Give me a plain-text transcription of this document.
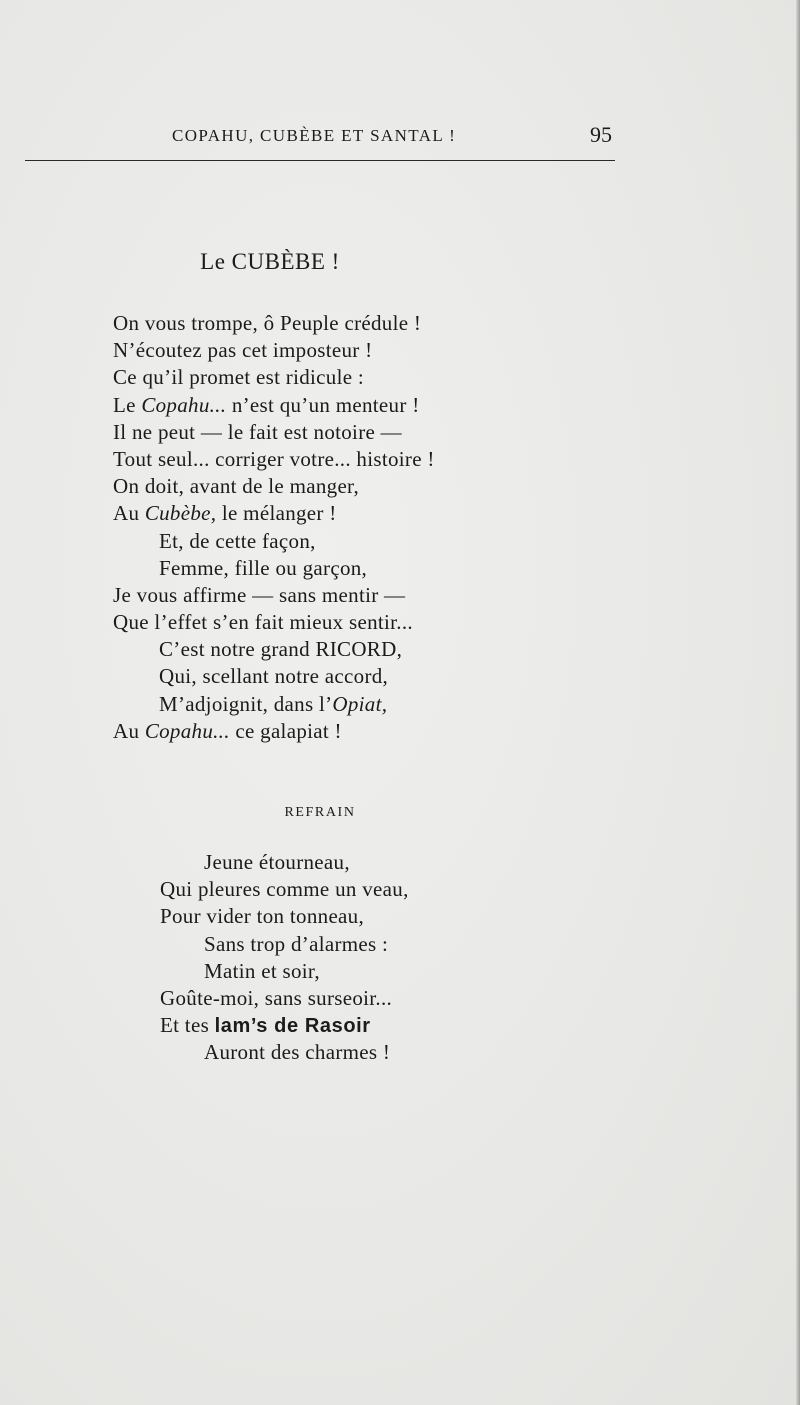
COPAHU, CUBÈBE ET SANTAL !	95
Le CUBÈBE !
On vous trompe, ô Peuple crédule !
N’écoutez pas cet imposteur !
Ce qu’il promet est ridicule :
Le Copahu... n’est qu’un menteur !
Il ne peut — le fait est notoire —
Tout seul... corriger votre... histoire !
On doit, avant de le manger,
Au Cubèbe, le mélanger !
Et, de cette façon,
Femme, fille ou garçon,
Je vous affirme — sans mentir —
Que l’effet s’en fait mieux sentir...
C’est notre grand RICORD,
Qui, scellant notre accord,
M’adjoignit, dans l’Opiat,
Au Copahu... ce galapiat !
REFRAIN
Jeune étourneau,
Qui pleures comme un veau,
Pour vider ton tonneau,
Sans trop d’alarmes :
Matin et soir,
Goûte-moi, sans surseoir...
Et tes lam’s de Rasoir
Auront des charmes !
